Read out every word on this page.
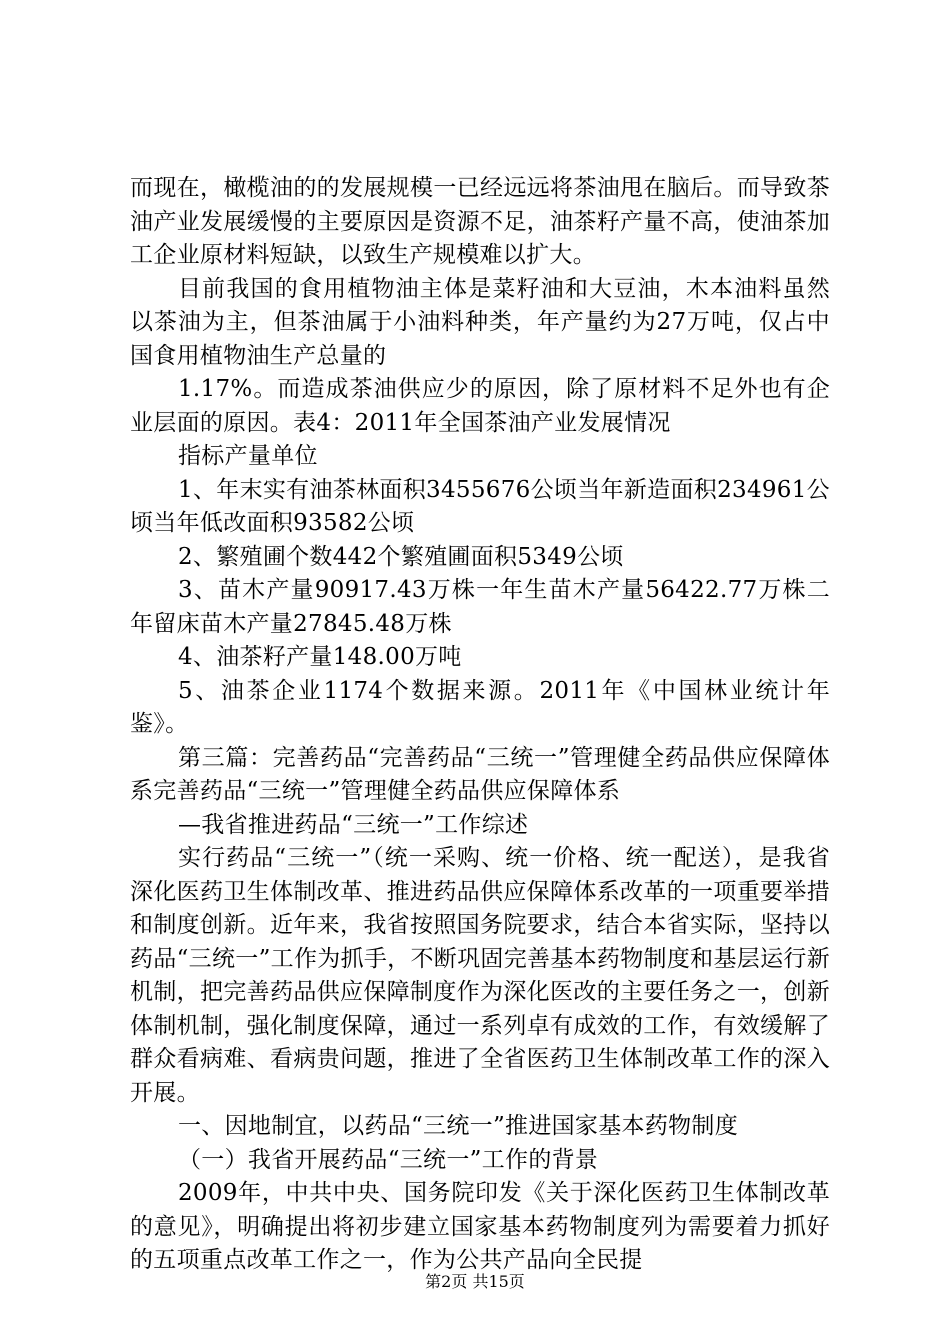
而现在，橄榄油的的发展规模一已经远远将茶油甩在脑后。而导致茶油产业发展缓慢的主要原因是资源不足，油茶籽产量不高，使油茶加工企业原材料短缺，以致生产规模难以扩大。

目前我国的食用植物油主体是菜籽油和大豆油，木本油料虽然以茶油为主，但茶油属于小油料种类，年产量约为27万吨，仅占中国食用植物油生产总量的

1.17%。而造成茶油供应少的原因，除了原材料不足外也有企业层面的原因。表4：2011年全国茶油产业发展情况

指标产量单位

1、年末实有油茶林面积3455676公顷当年新造面积234961公顷当年低改面积93582公顷

2、繁殖圃个数442个繁殖圃面积5349公顷

3、苗木产量90917.43万株一年生苗木产量56422.77万株二年留床苗木产量27845.48万株

4、油茶籽产量148.00万吨

5、油茶企业1174个数据来源。2011年《中国林业统计年鉴》。

第三篇：完善药品“完善药品“三统一”管理健全药品供应保障体系完善药品“三统一”管理健全药品供应保障体系

—我省推进药品“三统一”工作综述

实行药品“三统一”（统一采购、统一价格、统一配送），是我省深化医药卫生体制改革、推进药品供应保障体系改革的一项重要举措和制度创新。近年来，我省按照国务院要求，结合本省实际，坚持以药品“三统一”工作为抓手，不断巩固完善基本药物制度和基层运行新机制，把完善药品供应保障制度作为深化医改的主要任务之一，创新体制机制，强化制度保障，通过一系列卓有成效的工作，有效缓解了群众看病难、看病贵问题，推进了全省医药卫生体制改革工作的深入开展。

一、因地制宜，以药品“三统一”推进国家基本药物制度

（一）我省开展药品“三统一”工作的背景

2009年，中共中央、国务院印发《关于深化医药卫生体制改革的意见》，明确提出将初步建立国家基本药物制度列为需要着力抓好的五项重点改革工作之一，作为公共产品向全民提

第2页 共15页
